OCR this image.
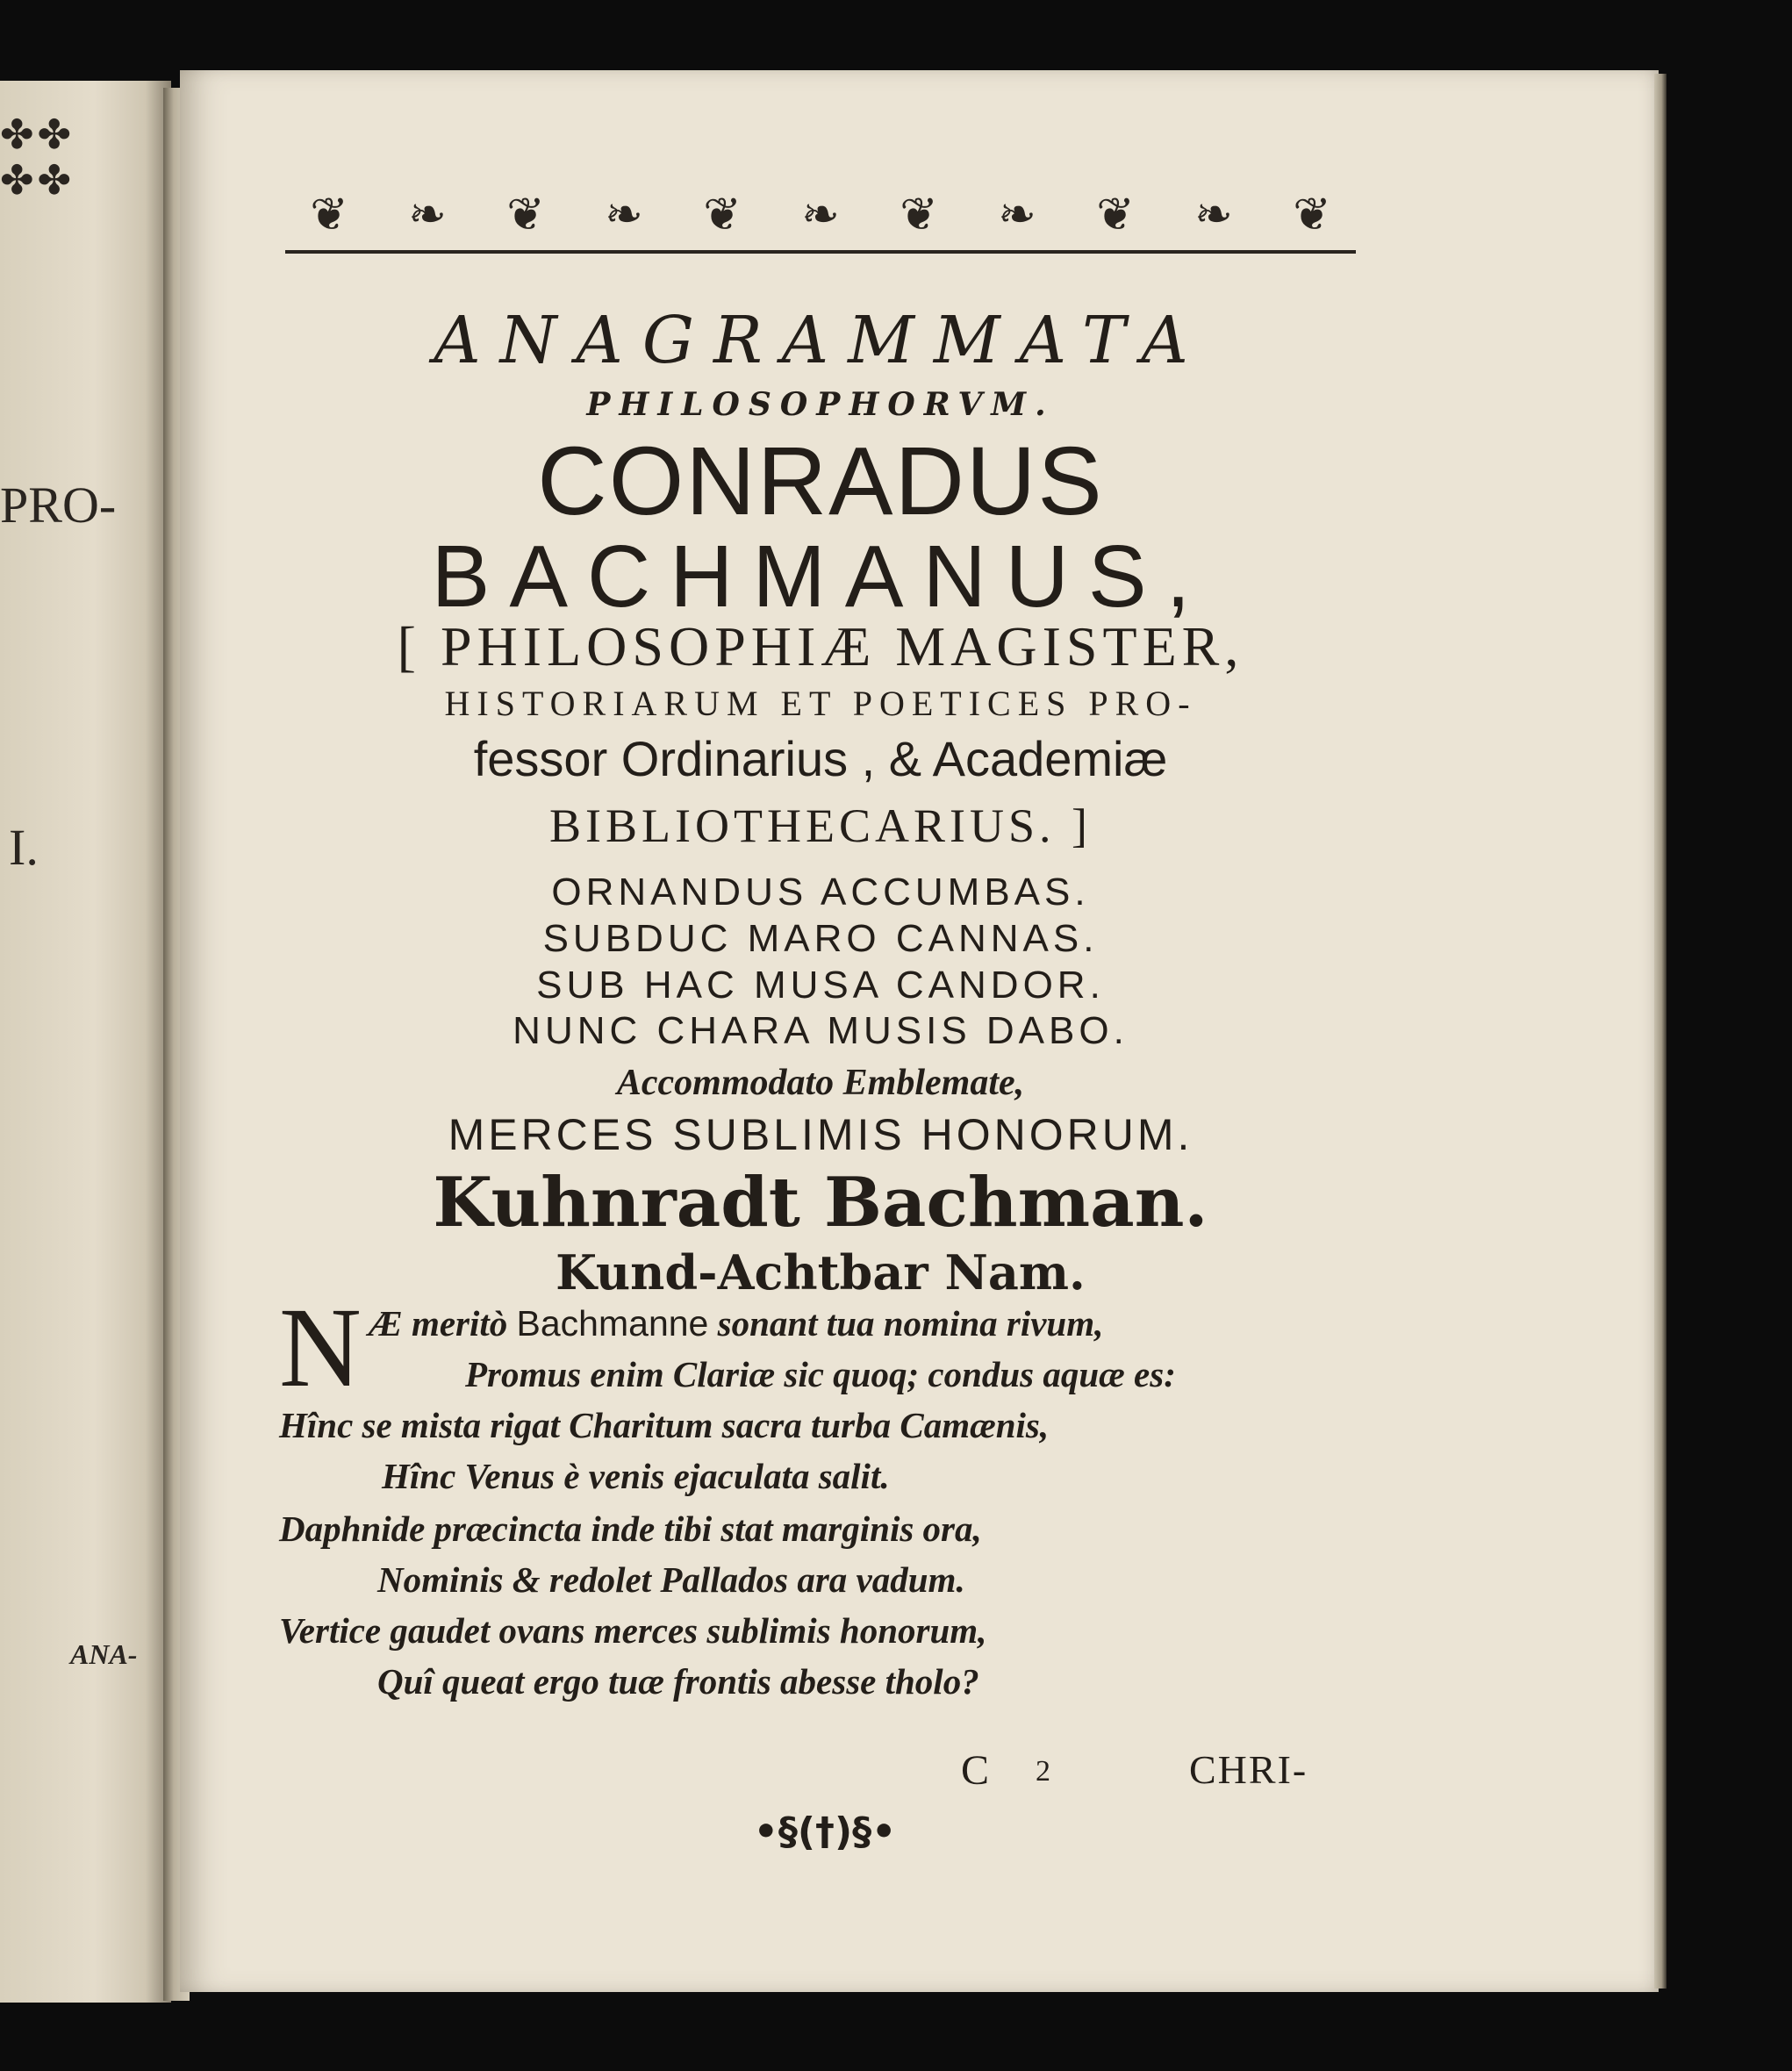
✤✤
✤✤
PRO-
I.
ANA-
❦	❧	❦	❧	❦	❧	❦	❧	❦	❧	❦
ANAGRAMMATA
PHILOSOPHORVM.
CONRADUS
BACHMANUS,
[ PHILOSOPHIÆ MAGISTER,
HISTORIARUM ET POETICES PRO-
fessor Ordinarius , & Academiæ
BIBLIOTHECARIUS. ]
ORNANDUS ACCUMBAS.
SUBDUC MARO CANNAS.
SUB HAC MUSA CANDOR.
NUNC CHARA MUSIS DABO.
Accommodato Emblemate,
MERCES SUBLIMIS HONORUM.
Kuhnradt Bachman.
Kund-Achtbar Nam.
N Æ meritò Bachmanne sonant tua nomina rivum,
Promus enim Clariæ sic quoq; condus aquæ es:
Hînc se mista rigat Charitum sacra turba Camænis,
Hînc Venus è venis ejaculata salit.
Daphnide præcincta inde tibi stat marginis ora,
Nominis & redolet Pallados ara vadum.
Vertice gaudet ovans merces sublimis honorum,
Quî queat ergo tuæ frontis abesse tholo?
C 2	CHRI-
•§(†)§•
